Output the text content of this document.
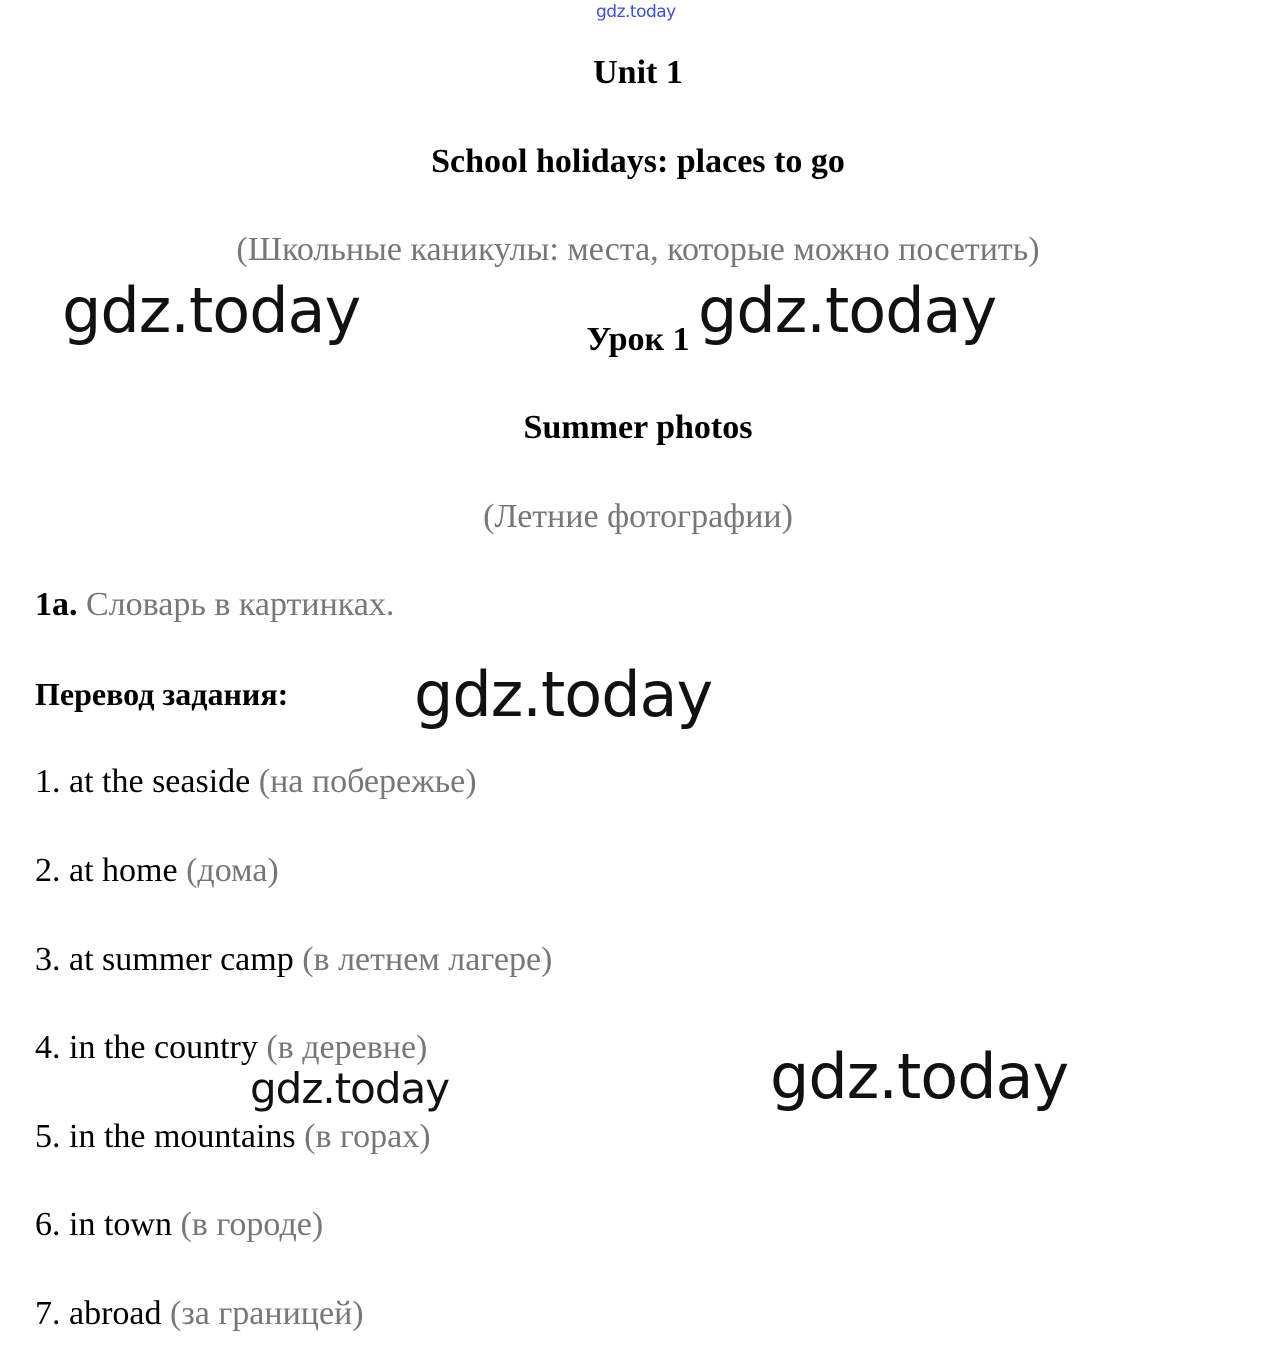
gdz.today
Unit 1
School holidays: places to go
(Школьные каникулы: места, которые можно посетить)
Урок 1
Summer photos
(Летние фотографии)
1a. Словарь в картинках.
Перевод задания:
1. at the seaside (на побережье)
2. at home (дома)
3. at summer camp (в летнем лагере)
4. in the country (в деревне)
5. in the mountains (в горах)
6. in town (в городе)
7. abroad (за границей)
gdz.today	gdz.today
gdz.today
gdz.today	gdz.today
